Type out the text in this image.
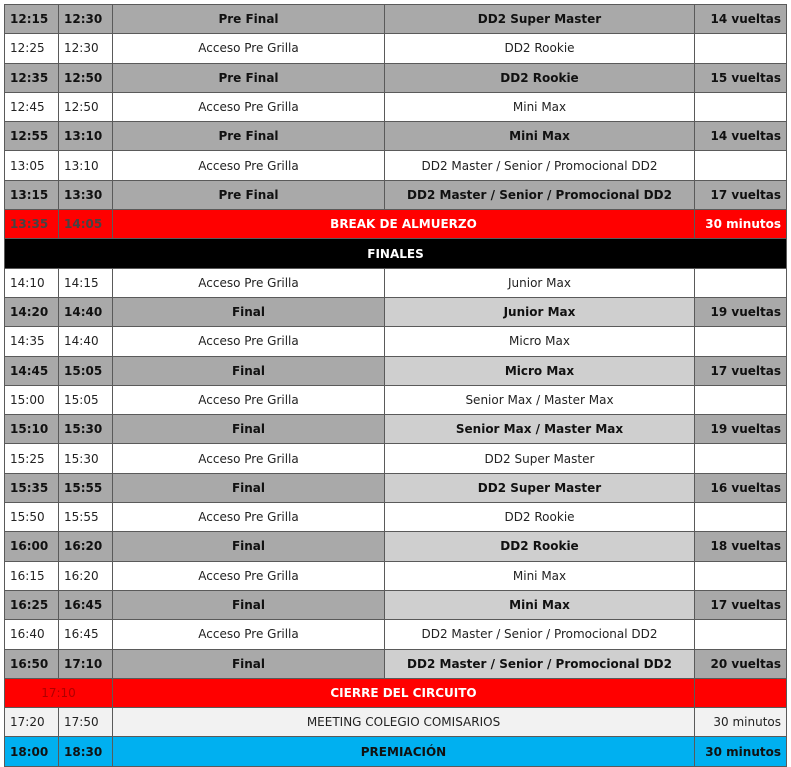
12:15	12:30	Pre Final	DD2 Super Master	14 vueltas
12:25	12:30	Acceso Pre Grilla	DD2 Rookie	
12:35	12:50	Pre Final	DD2 Rookie	15 vueltas
12:45	12:50	Acceso Pre Grilla	Mini Max	
12:55	13:10	Pre Final	Mini Max	14 vueltas
13:05	13:10	Acceso Pre Grilla	DD2 Master / Senior / Promocional DD2	
13:15	13:30	Pre Final	DD2 Master / Senior / Promocional DD2	17 vueltas
13:35	14:05	BREAK DE ALMUERZO		30 minutos
FINALES				
14:10	14:15	Acceso Pre Grilla	Junior Max	
14:20	14:40	Final	Junior Max	19 vueltas
14:35	14:40	Acceso Pre Grilla	Micro Max	
14:45	15:05	Final	Micro Max	17 vueltas
15:00	15:05	Acceso Pre Grilla	Senior Max / Master Max	
15:10	15:30	Final	Senior Max / Master Max	19 vueltas
15:25	15:30	Acceso Pre Grilla	DD2 Super Master	
15:35	15:55	Final	DD2 Super Master	16 vueltas
15:50	15:55	Acceso Pre Grilla	DD2 Rookie	
16:00	16:20	Final	DD2 Rookie	18 vueltas
16:15	16:20	Acceso Pre Grilla	Mini Max	
16:25	16:45	Final	Mini Max	17 vueltas
16:40	16:45	Acceso Pre Grilla	DD2 Master / Senior / Promocional DD2	
16:50	17:10	Final	DD2 Master / Senior / Promocional DD2	20 vueltas
17:10		CIERRE DEL CIRCUITO		
17:20	17:50	MEETING COLEGIO COMISARIOS		30 minutos
18:00	18:30	PREMIACIÓN		30 minutos
